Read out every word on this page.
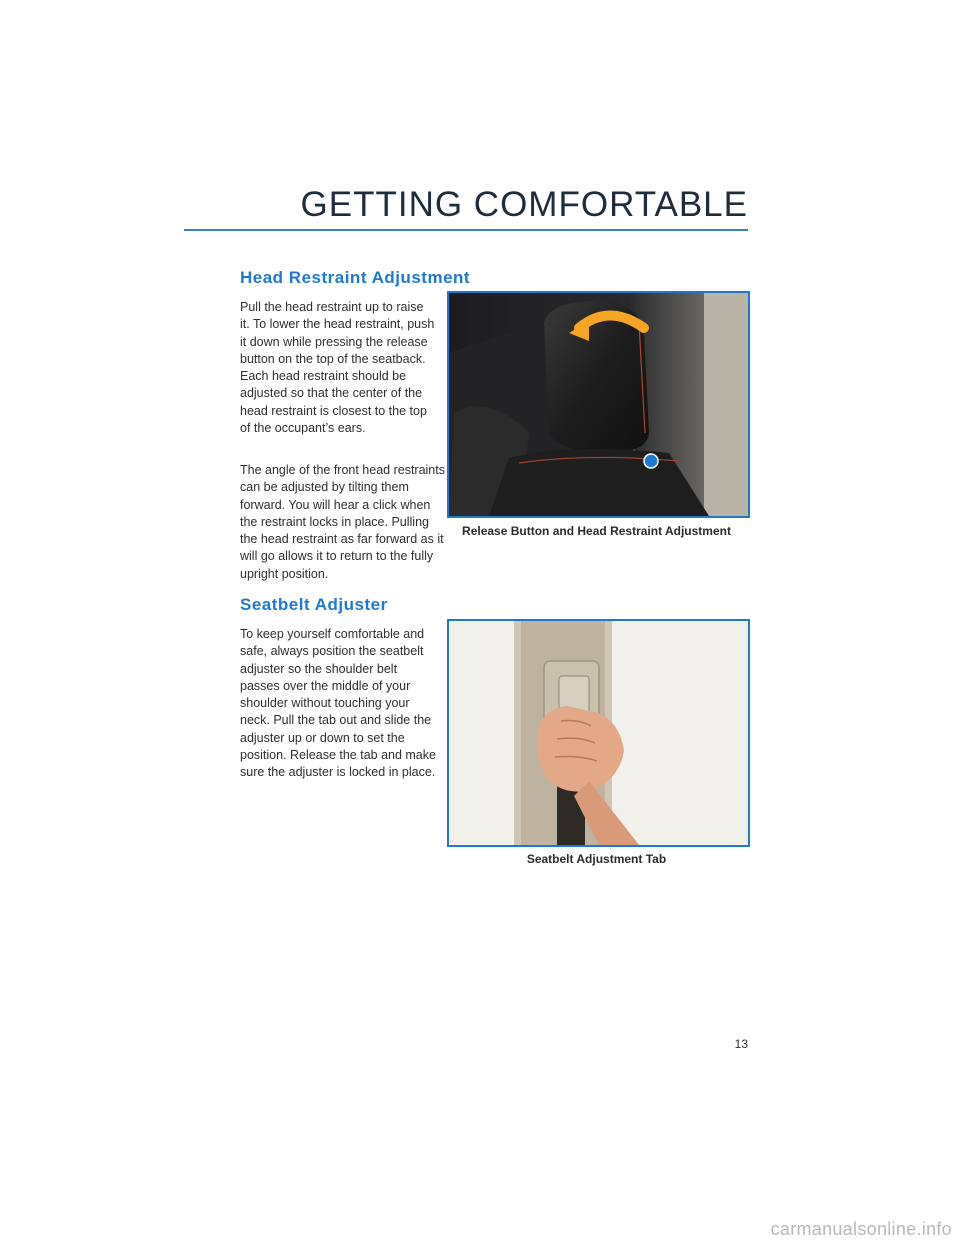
GETTING COMFORTABLE
Head Restraint Adjustment

Pull the head restraint up to raise it. To lower the head restraint, push it down while pressing the release button on the top of the seatback. Each head restraint should be adjusted so that the center of the head restraint is closest to the top of the occupant’s ears.

The angle of the front head restraints can be adjusted by tilting them forward. You will hear a click when the restraint locks in place. Pulling the head restraint as far forward as it will go allows it to return to the fully upright position.

Release Button and Head Restraint Adjustment

Seatbelt Adjuster

To keep yourself comfortable and safe, always position the seatbelt adjuster so the shoulder belt passes over the middle of your shoulder without touching your neck. Pull the tab out and slide the adjuster up or down to set the position. Release the tab and make sure the adjuster is locked in place.

Seatbelt Adjustment Tab

13
carmanualsonline.info
